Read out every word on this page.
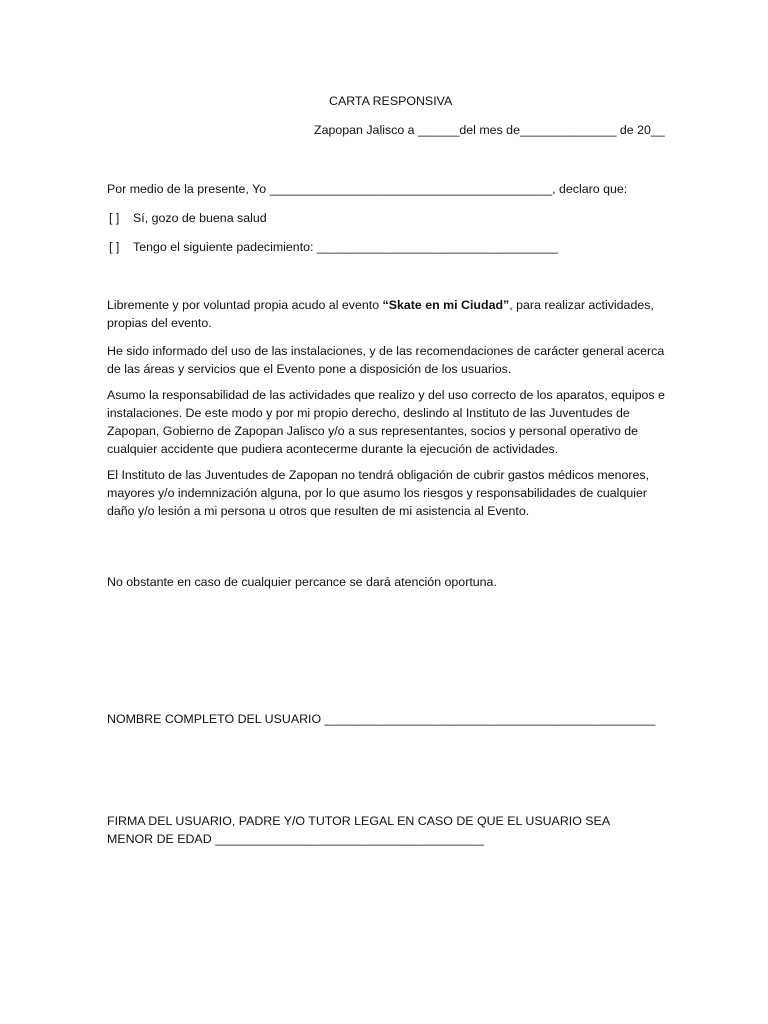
CARTA RESPONSIVA
Zapopan Jalisco a ______del mes de______________ de 20__
Por medio de la presente, Yo _________________________________________, declaro que:
[ ] Sí, gozo de buena salud
[ ] Tengo el siguiente padecimiento: ___________________________________
Libremente y por voluntad propia acudo al evento “Skate en mi Ciudad”, para realizar actividades, propias del evento.
He sido informado del uso de las instalaciones, y de las recomendaciones de carácter general acerca de las áreas y servicios que el Evento pone a disposición de los usuarios.
Asumo la responsabilidad de las actividades que realizo y del uso correcto de los aparatos, equipos e instalaciones. De este modo y por mi propio derecho, deslindo al Instituto de las Juventudes de Zapopan, Gobierno de Zapopan Jalisco y/o a sus representantes, socios y personal operativo de cualquier accidente que pudiera acontecerme durante la ejecución de actividades.
El Instituto de las Juventudes de Zapopan no tendrá obligación de cubrir gastos médicos menores, mayores y/o indemnización alguna, por lo que asumo los riesgos y responsabilidades de cualquier daño y/o lesión a mi persona u otros que resulten de mi asistencia al Evento.
No obstante en caso de cualquier percance se dará atención oportuna.
NOMBRE COMPLETO DEL USUARIO ________________________________________________
FIRMA DEL USUARIO, PADRE Y/O TUTOR LEGAL EN CASO DE QUE EL USUARIO SEA MENOR DE EDAD _______________________________________
